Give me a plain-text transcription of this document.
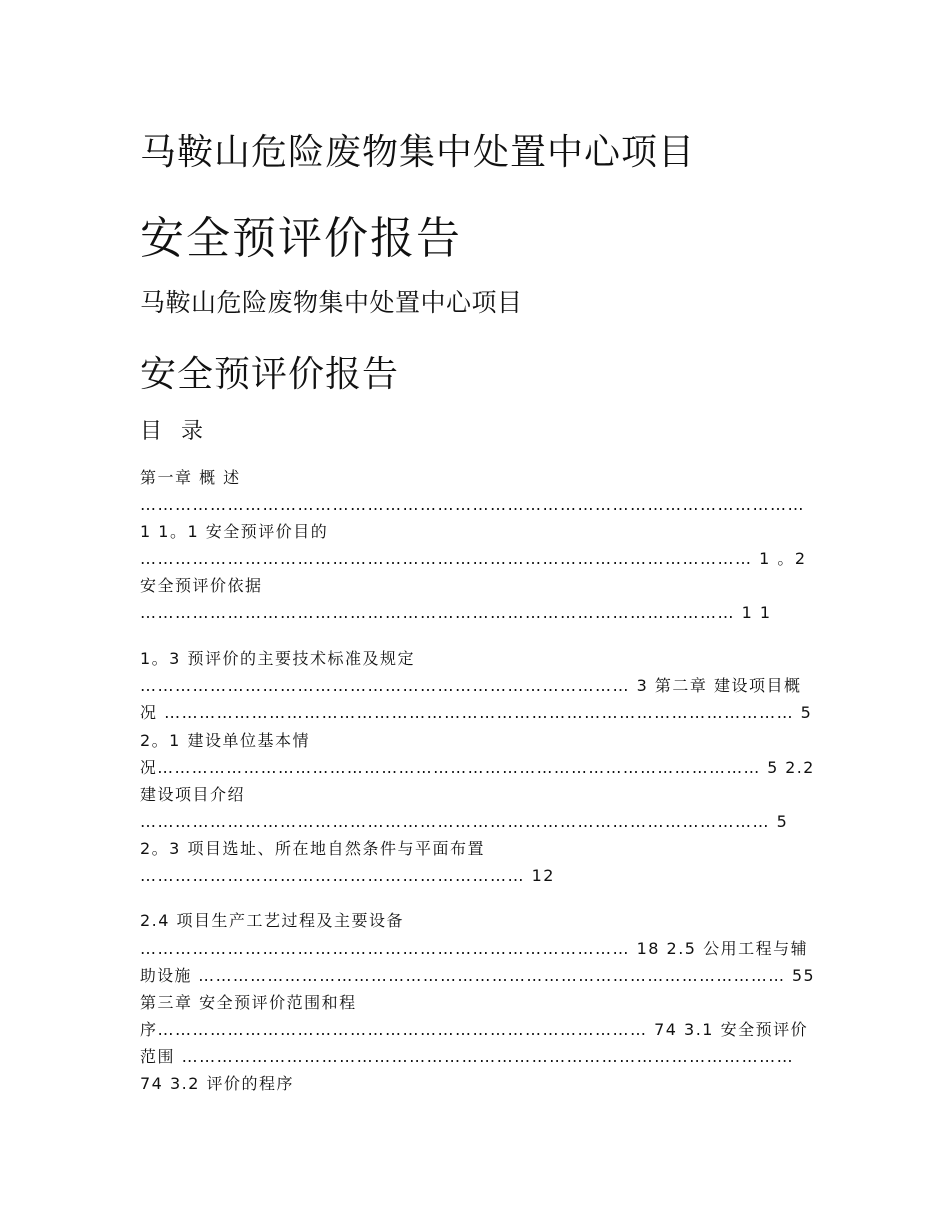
马鞍山危险废物集中处置中心项目
安全预评价报告
马鞍山危险废物集中处置中心项目
安全预评价报告
目 录
第一章 概 述
……………………………………………………………………………………………………
1 1。1 安全预评价目的
…………………………………………………………………………………………… 1 。2
安全预评价依据
………………………………………………………………………………………… 1 1
1。3 预评价的主要技术标准及规定
………………………………………………………………………… 3 第二章 建设项目概
况 ……………………………………………………………………………………………… 5
2。1 建设单位基本情
况…………………………………………………………………………………………… 5 2.2
建设项目介绍
……………………………………………………………………………………………… 5
2。3 项目选址、所在地自然条件与平面布置
………………………………………………………… 12
2.4 项目生产工艺过程及主要设备
………………………………………………………………………… 18 2.5 公用工程与辅
助设施 ………………………………………………………………………………………… 55
第三章 安全预评价范围和程
序………………………………………………………………………… 74 3.1 安全预评价
范围 ……………………………………………………………………………………………
74 3.2 评价的程序
